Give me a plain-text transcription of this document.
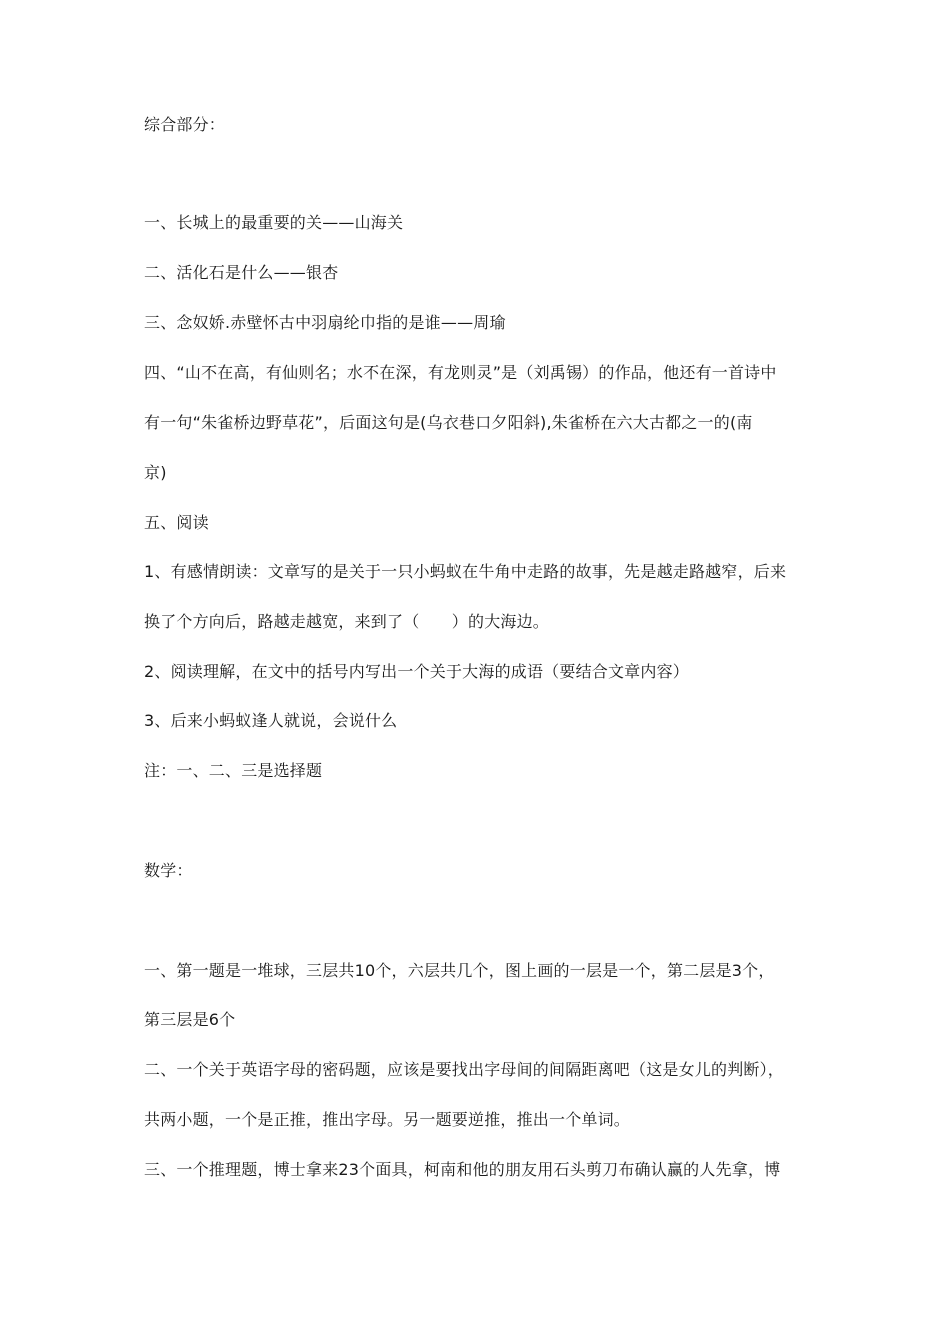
综合部分：
一、长城上的最重要的关——山海关
二、活化石是什么——银杏
三、念奴娇.赤壁怀古中羽扇纶巾指的是谁——周瑜
四、“山不在高，有仙则名；水不在深，有龙则灵”是（刘禹锡）的作品，他还有一首诗中
有一句“朱雀桥边野草花”，后面这句是(乌衣巷口夕阳斜),朱雀桥在六大古都之一的(南
京)
五、阅读
1、有感情朗读：文章写的是关于一只小蚂蚁在牛角中走路的故事，先是越走路越窄，后来
换了个方向后，路越走越宽，来到了（　　）的大海边。
2、阅读理解，在文中的括号内写出一个关于大海的成语（要结合文章内容）
3、后来小蚂蚁逢人就说，会说什么
注：一、二、三是选择题
数学：
一、第一题是一堆球，三层共10个，六层共几个，图上画的一层是一个，第二层是3个，
第三层是6个
二、一个关于英语字母的密码题，应该是要找出字母间的间隔距离吧（这是女儿的判断），
共两小题，一个是正推，推出字母。另一题要逆推，推出一个单词。
三、一个推理题，博士拿来23个面具，柯南和他的朋友用石头剪刀布确认赢的人先拿，博
